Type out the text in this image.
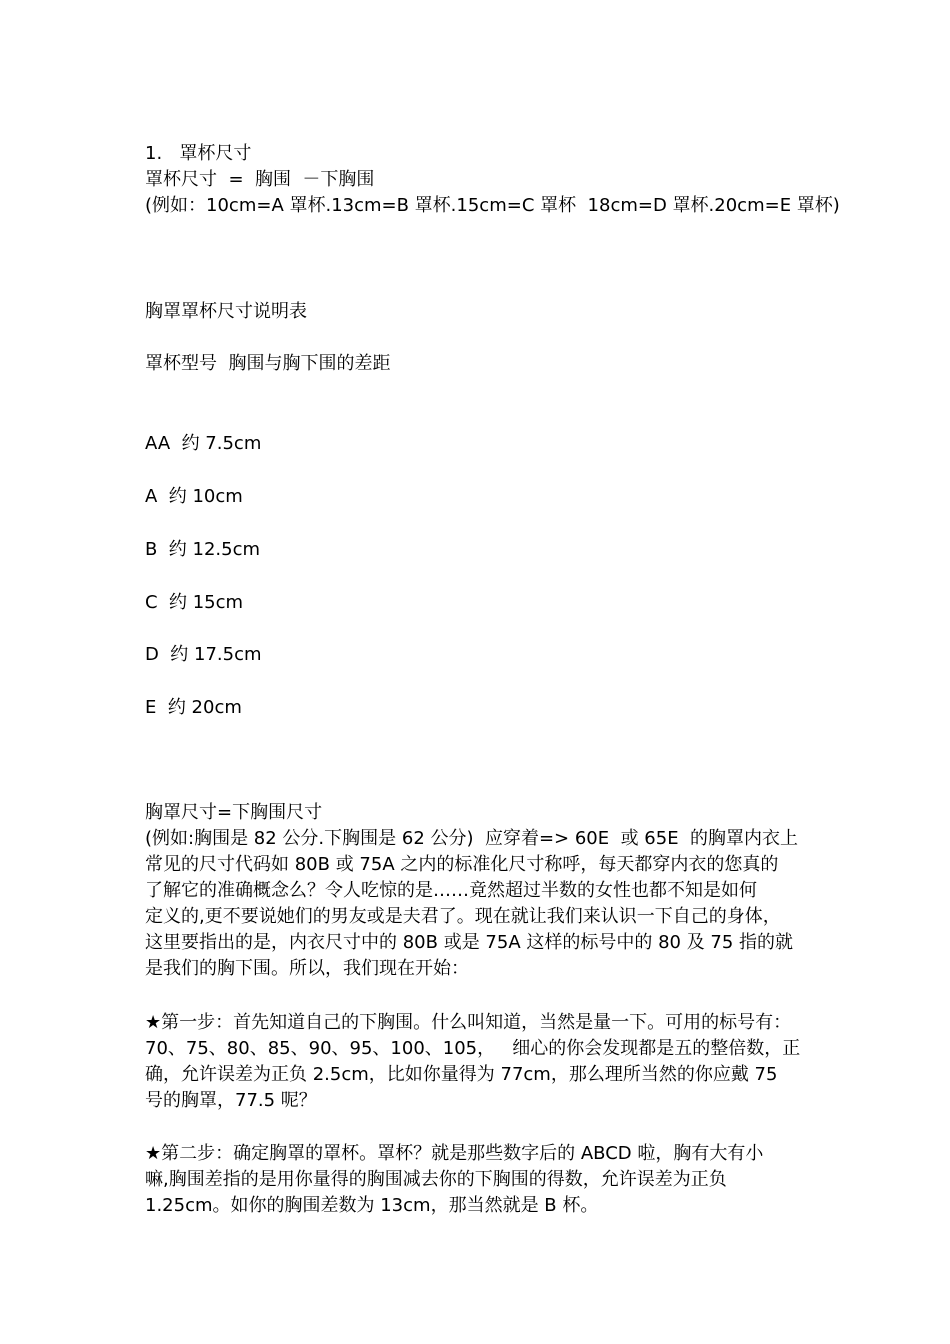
1.   罩杯尺寸
罩杯尺寸  =  胸围  －下胸围
(例如：10cm=A 罩杯.13cm=B 罩杯.15cm=C 罩杯  18cm=D 罩杯.20cm=E 罩杯)
胸罩罩杯尺寸说明表
罩杯型号  胸围与胸下围的差距
AA  约 7.5cm
A  约 10cm
B  约 12.5cm
C  约 15cm
D  约 17.5cm
E  约 20cm
胸罩尺寸=下胸围尺寸
(例如:胸围是 82 公分.下胸围是 62 公分)  应穿着=> 60E  或 65E  的胸罩内衣上
常见的尺寸代码如 80B 或 75A 之内的标准化尺寸称呼，每天都穿内衣的您真的
了解它的准确概念么？令人吃惊的是……竟然超过半数的女性也都不知是如何
定义的,更不要说她们的男友或是夫君了。现在就让我们来认识一下自己的身体，
这里要指出的是，内衣尺寸中的 80B 或是 75A 这样的标号中的 80 及 75 指的就
是我们的胸下围。所以，我们现在开始：
★第一步：首先知道自己的下胸围。什么叫知道，当然是量一下。可用的标号有：
70、75、80、85、90、95、100、105，   细心的你会发现都是五的整倍数，正
确，允许误差为正负 2.5cm，比如你量得为 77cm，那么理所当然的你应戴 75
号的胸罩，77.5 呢？
★第二步：确定胸罩的罩杯。罩杯？就是那些数字后的 ABCD 啦，胸有大有小
嘛,胸围差指的是用你量得的胸围减去你的下胸围的得数，允许误差为正负
1.25cm。如你的胸围差数为 13cm，那当然就是 B 杯。
